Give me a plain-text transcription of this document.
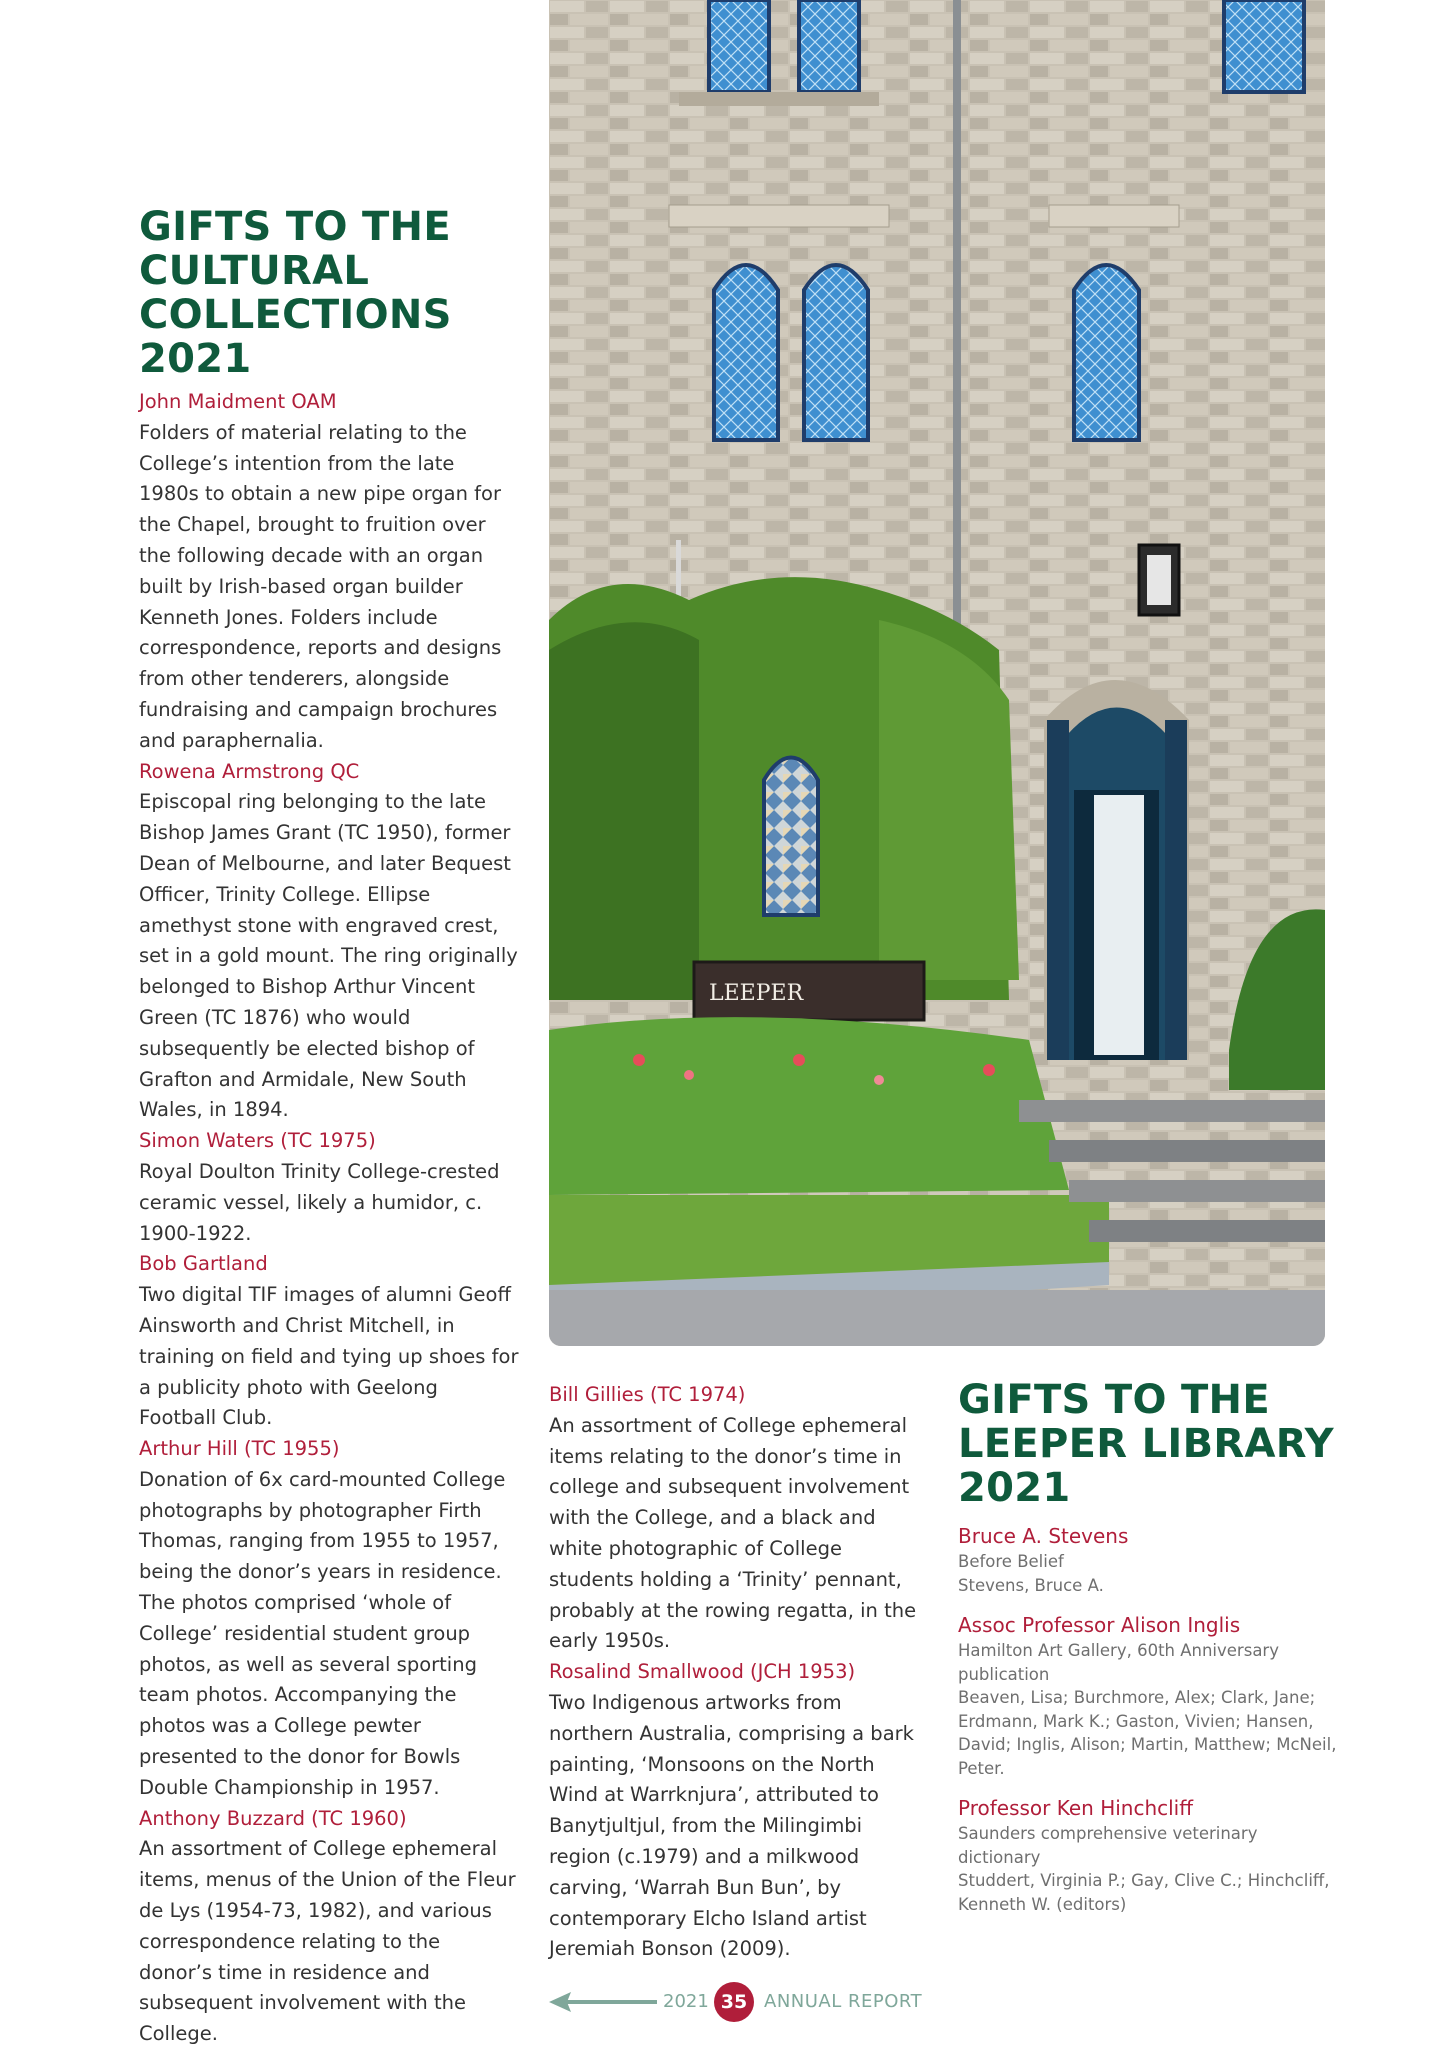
GIFTS TO THE
CULTURAL
COLLECTIONS
2021

John Maidment OAM

Folders of material relating to the College’s intention from the late 1980s to obtain a new pipe organ for the Chapel, brought to fruition over the following decade with an organ built by Irish-based organ builder Kenneth Jones. Folders include correspondence, reports and designs from other tenderers, alongside fundraising and campaign brochures and paraphernalia.

Rowena Armstrong QC

Episcopal ring belonging to the late Bishop James Grant (TC 1950), former Dean of Melbourne, and later Bequest Officer, Trinity College. Ellipse amethyst stone with engraved crest, set in a gold mount. The ring originally belonged to Bishop Arthur Vincent Green (TC 1876) who would subsequently be elected bishop of Grafton and Armidale, New South Wales, in 1894.

Simon Waters (TC 1975)

Royal Doulton Trinity College-crested ceramic vessel, likely a humidor, c. 1900-1922.

Bob Gartland

Two digital TIF images of alumni Geoff Ainsworth and Christ Mitchell, in training on field and tying up shoes for a publicity photo with Geelong Football Club.

Arthur Hill (TC 1955)

Donation of 6x card-mounted College photographs by photographer Firth Thomas, ranging from 1955 to 1957, being the donor’s years in residence. The photos comprised ‘whole of College’ residential student group photos, as well as several sporting team photos. Accompanying the photos was a College pewter presented to the donor for Bowls Double Championship in 1957.

Anthony Buzzard (TC 1960)

An assortment of College ephemeral items, menus of the Union of the Fleur de Lys (1954-73, 1982), and various correspondence relating to the donor’s time in residence and subsequent involvement with the College.

LEEPER

Bill Gillies (TC 1974)

An assortment of College ephemeral items relating to the donor’s time in college and subsequent involvement with the College, and a black and white photographic of College students holding a ‘Trinity’ pennant, probably at the rowing regatta, in the early 1950s.

Rosalind Smallwood (JCH 1953)

Two Indigenous artworks from northern Australia, comprising a bark painting, ‘Monsoons on the North Wind at Warrknjura’, attributed to Banytjultjul, from the Milingimbi region (c.1979) and a milkwood carving, ‘Warrah Bun Bun’, by contemporary Elcho Island artist Jeremiah Bonson (2009).

GIFTS TO THE
LEEPER LIBRARY
2021

Bruce A. Stevens

Before Belief

Stevens, Bruce A.

Assoc Professor Alison Inglis

Hamilton Art Gallery, 60th Anniversary publication

Beaven, Lisa; Burchmore, Alex; Clark, Jane; Erdmann, Mark K.; Gaston, Vivien; Hansen, David; Inglis, Alison; Martin, Matthew; McNeil, Peter.

Professor Ken Hinchcliff

Saunders comprehensive veterinary dictionary

Studdert, Virginia P.; Gay, Clive C.; Hinchcliff, Kenneth W. (editors)

2021 35 ANNUAL REPORT
